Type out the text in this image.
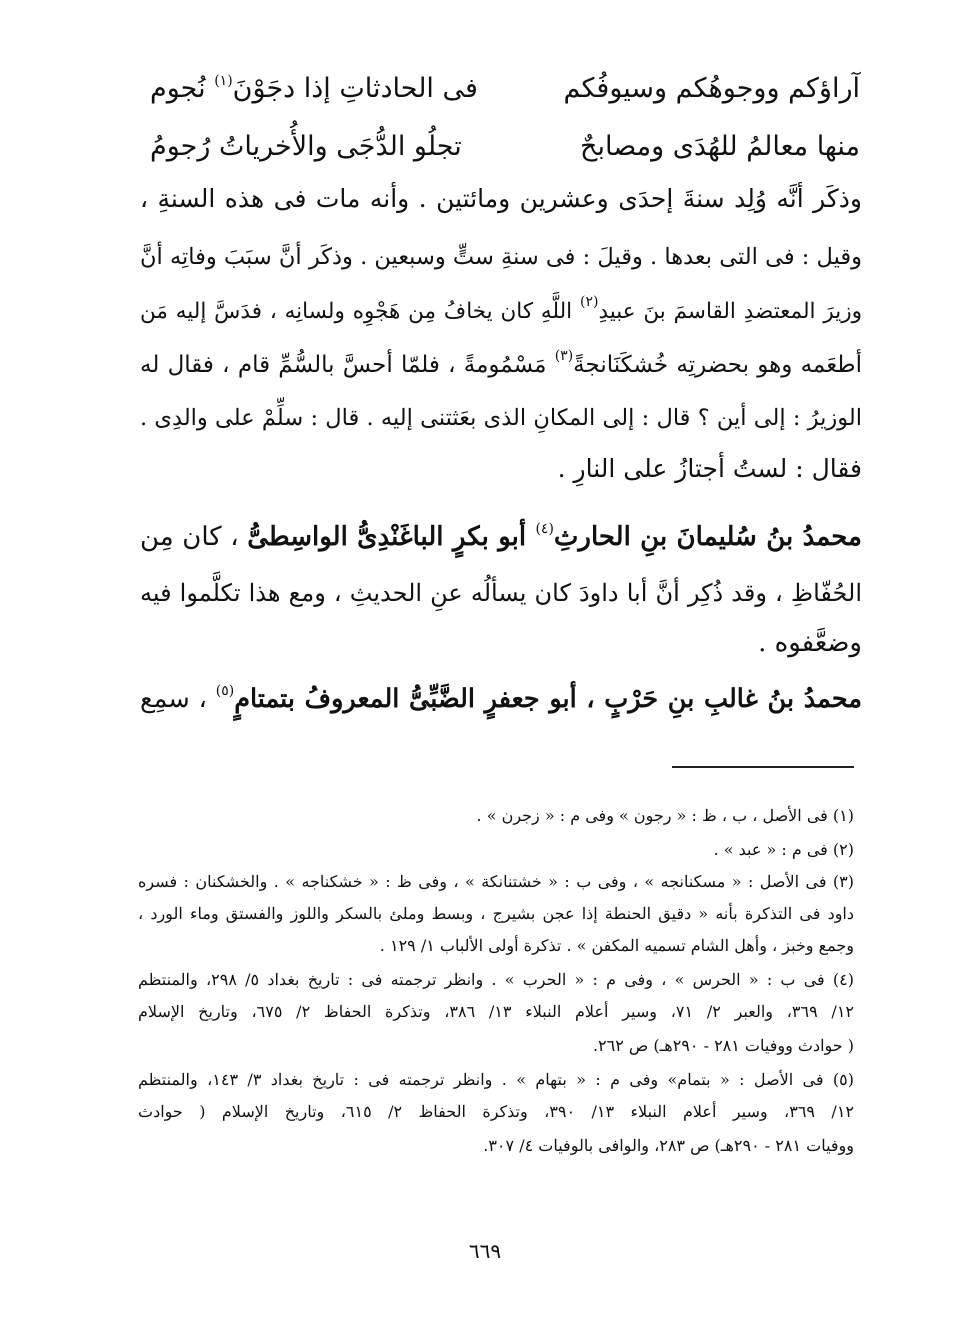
آراؤكم ووجوهُكم وسيوفُكم
فى الحادثاتِ إذا دجَوْنَ$^{(١)}$ نُجوم
منها معالمُ للهُدَى ومصابحٌ
تجلُو الدُّجَى والأُخرياتُ رُجومُ
وذكَر أنَّه وُلِد سنةَ إحدَى وعشرين ومائتين . وأنه مات فى هذه السنةِ ،
وقيل : فى التى بعدها . وقيلَ : فى سنةِ ستٍّ وسبعين . وذكَر أنَّ سبَبَ وفاتِه أنَّ
وزيرَ المعتضدِ القاسمَ بنَ عبيدِ$^{(٢)}$ اللَّهِ كان يخافُ مِن هَجْوِه ولسانِه ، فدَسَّ إليه مَن
أطعَمه وهو بحضرتِه خُشكَنَانجةً$^{(٣)}$ مَسْمُومةً ، فلمّا أحسَّ بالسُّمِّ قام ، فقال له
الوزيرُ : إلى أين ؟ قال : إلى المكانِ الذى بعَثتنى إليه . قال : سلِّمْ على والدِى .
فقال : لستُ أجتازُ على النارِ .
محمدُ بنُ سُليمانَ بنِ الحارثِ$^{(٤)}$ أبو بكرٍ الباغَنْدِىُّ الواسِطىُّ ، كان مِن
الحُفّاظِ ، وقد ذُكِر أنَّ أبا داودَ كان يسألُه عنِ الحديثِ ، ومع هذا تكلَّموا فيه
وضعَّفوه .
محمدُ بنُ غالبِ بنِ حَرْبٍ ، أبو جعفرٍ الضَّبِّىُّ المعروفُ بتمتامٍ$^{(٥)}$ ، سمِع
(١) فى الأصل ، ب ، ظ : « رجون » وفى م : « زجرن » .
(٢) فى م : « عبد » .
(٣) فى الأصل : « مسكنانجه » ، وفى ب : « خشتنانكة » ، وفى ظ : « خشكناجه » . والخشكنان : فسره
داود فى التذكرة بأنه « دقيق الحنطة إذا عجن بشيرج ، وبسط وملئ بالسكر واللوز والفستق وماء الورد ،
وجمع وخبز ، وأهل الشام تسميه المكفن » . تذكرة أولى الألباب ١/ ١٢٩ .
(٤) فى ب : « الحرس » ، وفى م : « الحرب » . وانظر ترجمته فى : تاريخ بغداد ٥/ ٢٩٨، والمنتظم
١٢/ ٣٦٩، والعبر ٢/ ٧١، وسير أعلام النبلاء ١٣/ ٣٨٦، وتذكرة الحفاظ ٢/ ٦٧٥، وتاريخ الإسلام
( حوادث ووفيات ٢٨١ - ٢٩٠هـ) ص ٢٦٢.
(٥) فى الأصل : « بتمام» وفى م : « بتهام » . وانظر ترجمته فى : تاريخ بغداد ٣/ ١٤٣، والمنتظم
١٢/ ٣٦٩، وسير أعلام النبلاء ١٣/ ٣٩٠، وتذكرة الحفاظ ٢/ ٦١٥، وتاريخ الإسلام ( حوادث
ووفيات ٢٨١ - ٢٩٠هـ) ص ٢٨٣، والوافى بالوفيات ٤/ ٣٠٧.
٦٦٩
